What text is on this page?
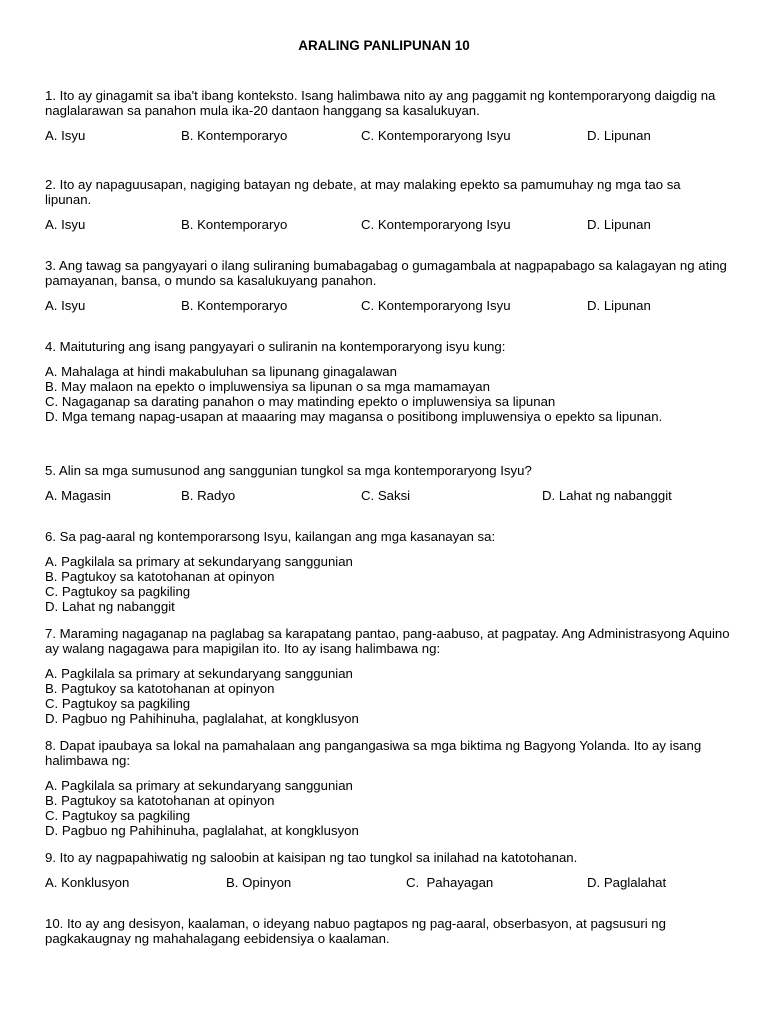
ARALING PANLIPUNAN 10

1. Ito ay ginagamit sa iba't ibang konteksto. Isang halimbawa nito ay ang paggamit ng kontemporaryong daigdig na naglalarawan sa panahon mula ika-20 dantaon hanggang sa kasalukuyan.

A. Isyu	B. Kontemporaryo	C. Kontemporaryong Isyu	D. Lipunan

2. Ito ay napaguusapan, nagiging batayan ng debate, at may malaking epekto sa pamumuhay ng mga tao sa lipunan.

A. Isyu	B. Kontemporaryo	C. Kontemporaryong Isyu	D. Lipunan

3. Ang tawag sa pangyayari o ilang suliraning bumabagabag o gumagambala at nagpapabago sa kalagayan ng ating pamayanan, bansa, o mundo sa kasalukuyang panahon.

A. Isyu	B. Kontemporaryo	C. Kontemporaryong Isyu	D. Lipunan

4. Maituturing ang isang pangyayari o suliranin na kontemporaryong isyu kung:

A. Mahalaga at hindi makabuluhan sa lipunang ginagalawan
B. May malaon na epekto o impluwensiya sa lipunan o sa mga mamamayan
C. Nagaganap sa darating panahon o may matinding epekto o impluwensiya sa lipunan
D. Mga temang napag-usapan at maaaring may magansa o positibong impluwensiya o epekto sa lipunan.

5. Alin sa mga sumusunod ang sanggunian tungkol sa mga kontemporaryong Isyu?

A. Magasin	B. Radyo	C. Saksi	D. Lahat ng nabanggit

6. Sa pag-aaral ng kontemporarsong Isyu, kailangan ang mga kasanayan sa:

A. Pagkilala sa primary at sekundaryang sanggunian
B. Pagtukoy sa katotohanan at opinyon
C. Pagtukoy sa pagkiling
D. Lahat ng nabanggit

7. Maraming nagaganap na paglabag sa karapatang pantao, pang-aabuso, at pagpatay. Ang Administrasyong Aquino ay walang nagagawa para mapigilan ito. Ito ay isang halimbawa ng:

A. Pagkilala sa primary at sekundaryang sanggunian
B. Pagtukoy sa katotohanan at opinyon
C. Pagtukoy sa pagkiling
D. Pagbuo ng Pahihinuha, paglalahat, at kongklusyon

8. Dapat ipaubaya sa lokal na pamahalaan ang pangangasiwa sa mga biktima ng Bagyong Yolanda. Ito ay isang halimbawa ng:

A. Pagkilala sa primary at sekundaryang sanggunian
B. Pagtukoy sa katotohanan at opinyon
C. Pagtukoy sa pagkiling
D. Pagbuo ng Pahihinuha, paglalahat, at kongklusyon

9. Ito ay nagpapahiwatig ng saloobin at kaisipan ng tao tungkol sa inilahad na katotohanan.

A. Konklusyon	B. Opinyon	C.  Pahayagan	D. Paglalahat

10. Ito ay ang desisyon, kaalaman, o ideyang nabuo pagtapos ng pag-aaral, obserbasyon, at pagsusuri ng pagkakaugnay ng mahahalagang eebidensiya o kaalaman.
